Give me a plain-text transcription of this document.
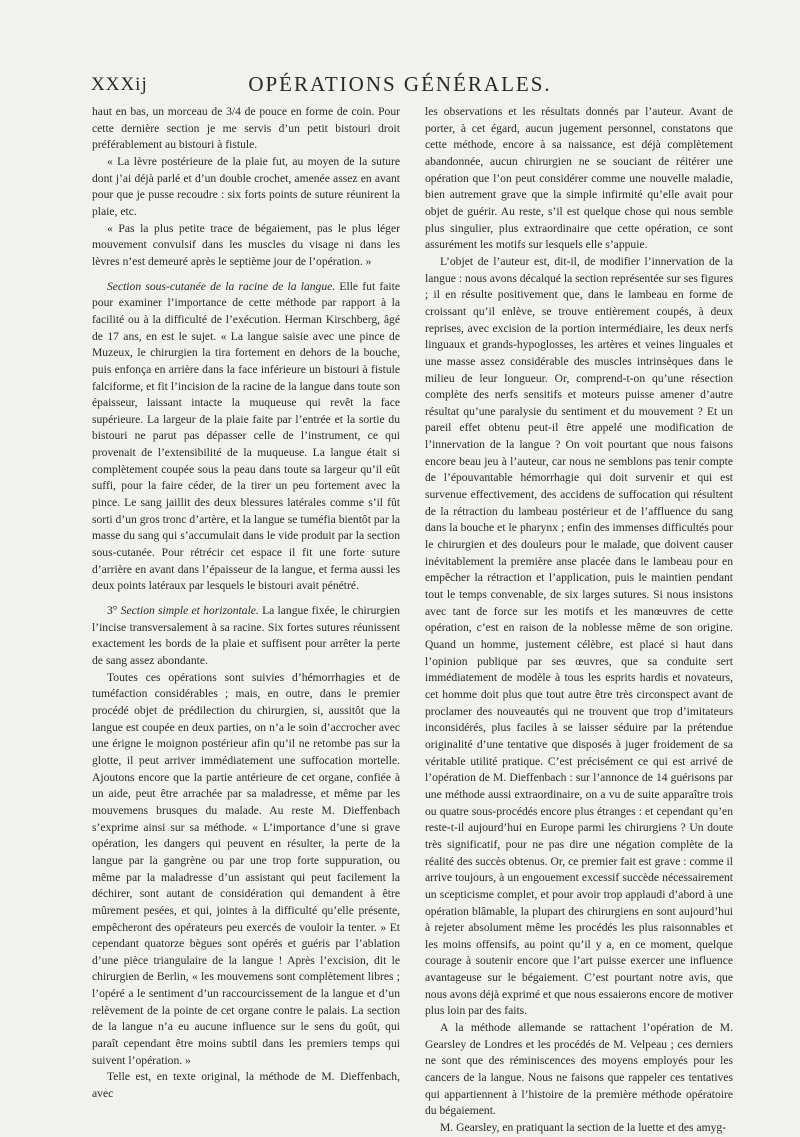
XXXij	OPÉRATIONS GÉNÉRALES.

haut en bas, un morceau de 3/4 de pouce en forme de coin. Pour cette dernière section je me servis d’un petit bistouri droit préférablement au bistouri à fistule.

« La lèvre postérieure de la plaie fut, au moyen de la suture dont j’ai déjà parlé et d’un double crochet, amenée assez en avant pour que je pusse recoudre : six forts points de suture réunirent la plaie, etc.

« Pas la plus petite trace de bégaiement, pas le plus léger mouvement convulsif dans les muscles du visage ni dans les lèvres n’est demeuré après le septième jour de l’opération. »

Section sous-cutanée de la racine de la langue. Elle fut faite pour examiner l’importance de cette méthode par rapport à la facilité ou à la difficulté de l’exécution. Herman Kirschberg, âgé de 17 ans, en est le sujet. « La langue saisie avec une pince de Muzeux, le chirurgien la tira fortement en dehors de la bouche, puis enfonça en arrière dans la face inférieure un bistouri à fistule falciforme, et fit l’incision de la racine de la langue dans toute son épaisseur, laissant intacte la muqueuse qui revêt la face supérieure. La largeur de la plaie faite par l’entrée et la sortie du bistouri ne parut pas dépasser celle de l’instrument, ce qui provenait de l’extensibilité de la muqueuse. La langue était si complètement coupée sous la peau dans toute sa largeur qu’il eût suffi, pour la faire céder, de la tirer un peu fortement avec la pince. Le sang jaillit des deux blessures latérales comme s’il fût sorti d’un gros tronc d’artère, et la langue se tuméfia bientôt par la masse du sang qui s’accumulait dans le vide produit par la section sous-cutanée. Pour rétrécir cet espace il fit une forte suture d’arrière en avant dans l’épaisseur de la langue, et ferma aussi les deux points latéraux par lesquels le bistouri avait pénétré.

3° Section simple et horizontale. La langue fixée, le chirurgien l’incise transversalement à sa racine. Six fortes sutures réunissent exactement les bords de la plaie et suffisent pour arrêter la perte de sang assez abondante.

Toutes ces opérations sont suivies d’hémorrhagies et de tuméfaction considérables ; mais, en outre, dans le premier procédé objet de prédilection du chirurgien, si, aussitôt que la langue est coupée en deux parties, on n’a le soin d’accrocher avec une érigne le moignon postérieur afin qu’il ne retombe pas sur la glotte, il peut arriver immédiatement une suffocation mortelle. Ajoutons encore que la partie antérieure de cet organe, confiée à un aide, peut être arrachée par sa maladresse, et même par les mouvemens brusques du malade. Au reste M. Dieffenbach s’exprime ainsi sur sa méthode. « L’importance d’une si grave opération, les dangers qui peuvent en résulter, la perte de la langue par la gangrène ou par une trop forte suppuration, ou même par la maladresse d’un assistant qui peut facilement la déchirer, sont autant de considération qui demandent à être mûrement pesées, et qui, jointes à la difficulté qu’elle présente, empêcheront des opérateurs peu exercés de vouloir la tenter. » Et cependant quatorze bègues sont opérés et guéris par l’ablation d’une pièce triangulaire de la langue ! Après l’excision, dit le chirurgien de Berlin, « les mouvemens sont complètement libres ; l’opéré a le sentiment d’un raccourcissement de la langue et d’un relèvement de la pointe de cet organe contre le palais. La section de la langue n’a eu aucune influence sur le sens du goût, qui paraît cependant être moins subtil dans les premiers temps qui suivent l’opération. »

Telle est, en texte original, la méthode de M. Dieffenbach, avec

les observations et les résultats donnés par l’auteur. Avant de porter, à cet égard, aucun jugement personnel, constatons que cette méthode, encore à sa naissance, est déjà complètement abandonnée, aucun chirurgien ne se souciant de réitérer une opération que l’on peut considérer comme une nouvelle maladie, bien autrement grave que la simple infirmité qu’elle avait pour objet de guérir. Au reste, s’il est quelque chose qui nous semble plus singulier, plus extraordinaire que cette opération, ce sont assurément les motifs sur lesquels elle s’appuie.

L’objet de l’auteur est, dit-il, de modifier l’innervation de la langue : nous avons décalqué la section représentée sur ses figures ; il en résulte positivement que, dans le lambeau en forme de croissant qu’il enlève, se trouve entièrement coupés, à deux reprises, avec excision de la portion intermédiaire, les deux nerfs linguaux et grands-hypoglosses, les artères et veines linguales et une masse assez considérable des muscles intrinsèques dans le milieu de leur longueur. Or, comprend-t-on qu’une résection complète des nerfs sensitifs et moteurs puisse amener d’autre résultat qu’une paralysie du sentiment et du mouvement ? Et un pareil effet obtenu peut-il être appelé une modification de l’innervation de la langue ? On voit pourtant que nous faisons encore beau jeu à l’auteur, car nous ne semblons pas tenir compte de l’épouvantable hémorrhagie qui doit survenir et qui est survenue effectivement, des accidens de suffocation qui résultent de la rétraction du lambeau postérieur et de l’affluence du sang dans la bouche et le pharynx ; enfin des immenses difficultés pour le chirurgien et des douleurs pour le malade, que doivent causer inévitablement la première anse placée dans le lambeau pour en empêcher la rétraction et l’application, puis le maintien pendant tout le temps convenable, de six larges sutures. Si nous insistons avec tant de force sur les motifs et les manœuvres de cette opération, c’est en raison de la noblesse même de son origine. Quand un homme, justement célèbre, est placé si haut dans l’opinion publique par ses œuvres, que sa conduite sert immédiatement de modèle à tous les esprits hardis et novateurs, cet homme doit plus que tout autre être très circonspect avant de proclamer des nouveautés qui ne trouvent que trop d’imitateurs inconsidérés, plus faciles à se laisser séduire par la prétendue originalité d’une tentative que disposés à juger froidement de sa véritable utilité pratique. C’est précisément ce qui est arrivé de l’opération de M. Dieffenbach : sur l’annonce de 14 guérisons par une méthode aussi extraordinaire, on a vu de suite apparaître trois ou quatre sous-procédés encore plus étranges : et cependant qu’en reste-t-il aujourd’hui en Europe parmi les chirurgiens ? Un doute très significatif, pour ne pas dire une négation complète de la réalité des succès obtenus. Or, ce premier fait est grave : comme il arrive toujours, à un engouement excessif succède nécessairement un scepticisme complet, et pour avoir trop applaudi d’abord à une opération blâmable, la plupart des chirurgiens en sont aujourd’hui à rejeter absolument même les procédés les plus raisonnables et les moins offensifs, au point qu’il y a, en ce moment, quelque courage à soutenir encore que l’art puisse exercer une influence avantageuse sur le bégaiement. C’est pourtant notre avis, que nous avons déjà exprimé et que nous essaierons encore de motiver plus loin par des faits.

A la méthode allemande se rattachent l’opération de M. Gearsley de Londres et les procédés de M. Velpeau ; ces derniers ne sont que des réminiscences des moyens employés pour les cancers de la langue. Nous ne faisons que rappeler ces tentatives qui appartiennent à l’histoire de la première méthode opératoire du bégaiement.

M. Gearsley, en pratiquant la section de la luette et des amyg-
